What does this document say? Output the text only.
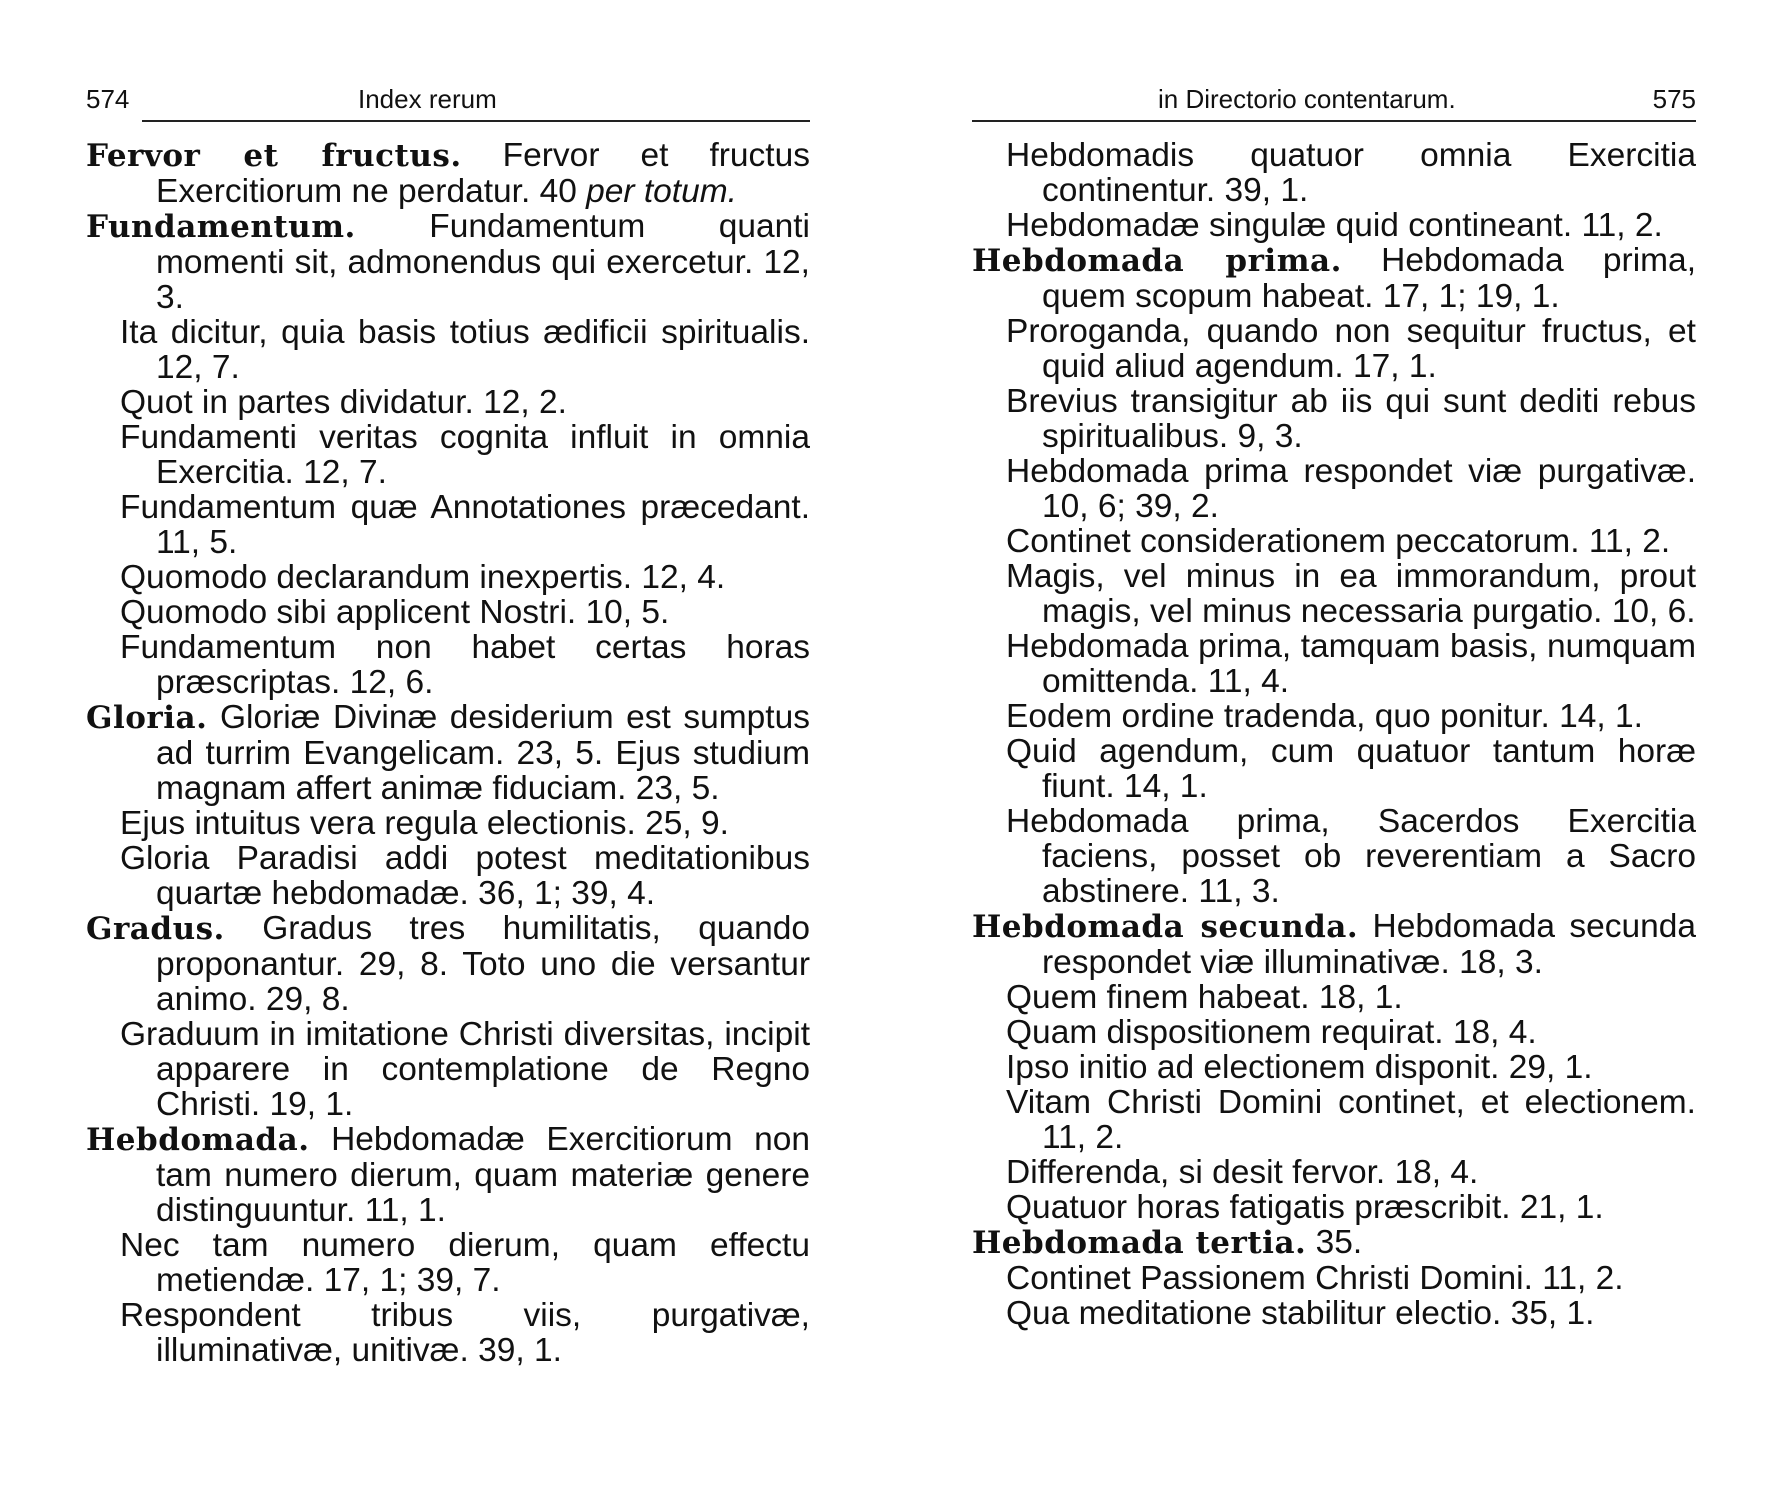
574	Index rerum

Fervor et fructus. Fervor et fructus Exercitiorum ne perdatur. 40 per totum.

Fundamentum. Fundamentum quanti momenti sit, admonendus qui exercetur. 12, 3.

Ita dicitur, quia basis totius ædificii spiritualis. 12, 7.

Quot in partes dividatur. 12, 2.

Fundamenti veritas cognita influit in omnia Exercitia. 12, 7.

Fundamentum quæ Annotationes præcedant. 11, 5.

Quomodo declarandum inexpertis. 12, 4.

Quomodo sibi applicent Nostri. 10, 5.

Fundamentum non habet certas horas præscriptas. 12, 6.

Gloria. Gloriæ Divinæ desiderium est sumptus ad turrim Evangelicam. 23, 5. Ejus studium magnam affert animæ fiduciam. 23, 5.

Ejus intuitus vera regula electionis. 25, 9.

Gloria Paradisi addi potest meditationibus quartæ hebdomadæ. 36, 1; 39, 4.

Gradus. Gradus tres humilitatis, quando proponantur. 29, 8. Toto uno die versantur animo. 29, 8.

Graduum in imitatione Christi diversitas, incipit apparere in contemplatione de Regno Christi. 19, 1.

Hebdomada. Hebdomadæ Exercitiorum non tam numero dierum, quam materiæ genere distinguuntur. 11, 1.

Nec tam numero dierum, quam effectu metiendæ. 17, 1; 39, 7.

Respondent tribus viis, purgativæ, illuminativæ, unitivæ. 39, 1.

in Directorio contentarum.	575

Hebdomadis quatuor omnia Exercitia continentur. 39, 1.

Hebdomadæ singulæ quid contineant. 11, 2.

Hebdomada prima. Hebdomada prima, quem scopum habeat. 17, 1; 19, 1.

Proroganda, quando non sequitur fructus, et quid aliud agendum. 17, 1.

Brevius transigitur ab iis qui sunt dediti rebus spiritualibus. 9, 3.

Hebdomada prima respondet viæ purgativæ. 10, 6; 39, 2.

Continet considerationem peccatorum. 11, 2.

Magis, vel minus in ea immorandum, prout magis, vel minus necessaria purgatio. 10, 6.

Hebdomada prima, tamquam basis, numquam omittenda. 11, 4.

Eodem ordine tradenda, quo ponitur. 14, 1.

Quid agendum, cum quatuor tantum horæ fiunt. 14, 1.

Hebdomada prima, Sacerdos Exercitia faciens, posset ob reverentiam a Sacro abstinere. 11, 3.

Hebdomada secunda. Hebdomada secunda respondet viæ illuminativæ. 18, 3.

Quem finem habeat. 18, 1.

Quam dispositionem requirat. 18, 4.

Ipso initio ad electionem disponit. 29, 1.

Vitam Christi Domini continet, et electionem. 11, 2.

Differenda, si desit fervor. 18, 4.

Quatuor horas fatigatis præscribit. 21, 1.

Hebdomada tertia. 35.

Continet Passionem Christi Domini. 11, 2.

Qua meditatione stabilitur electio. 35, 1.
